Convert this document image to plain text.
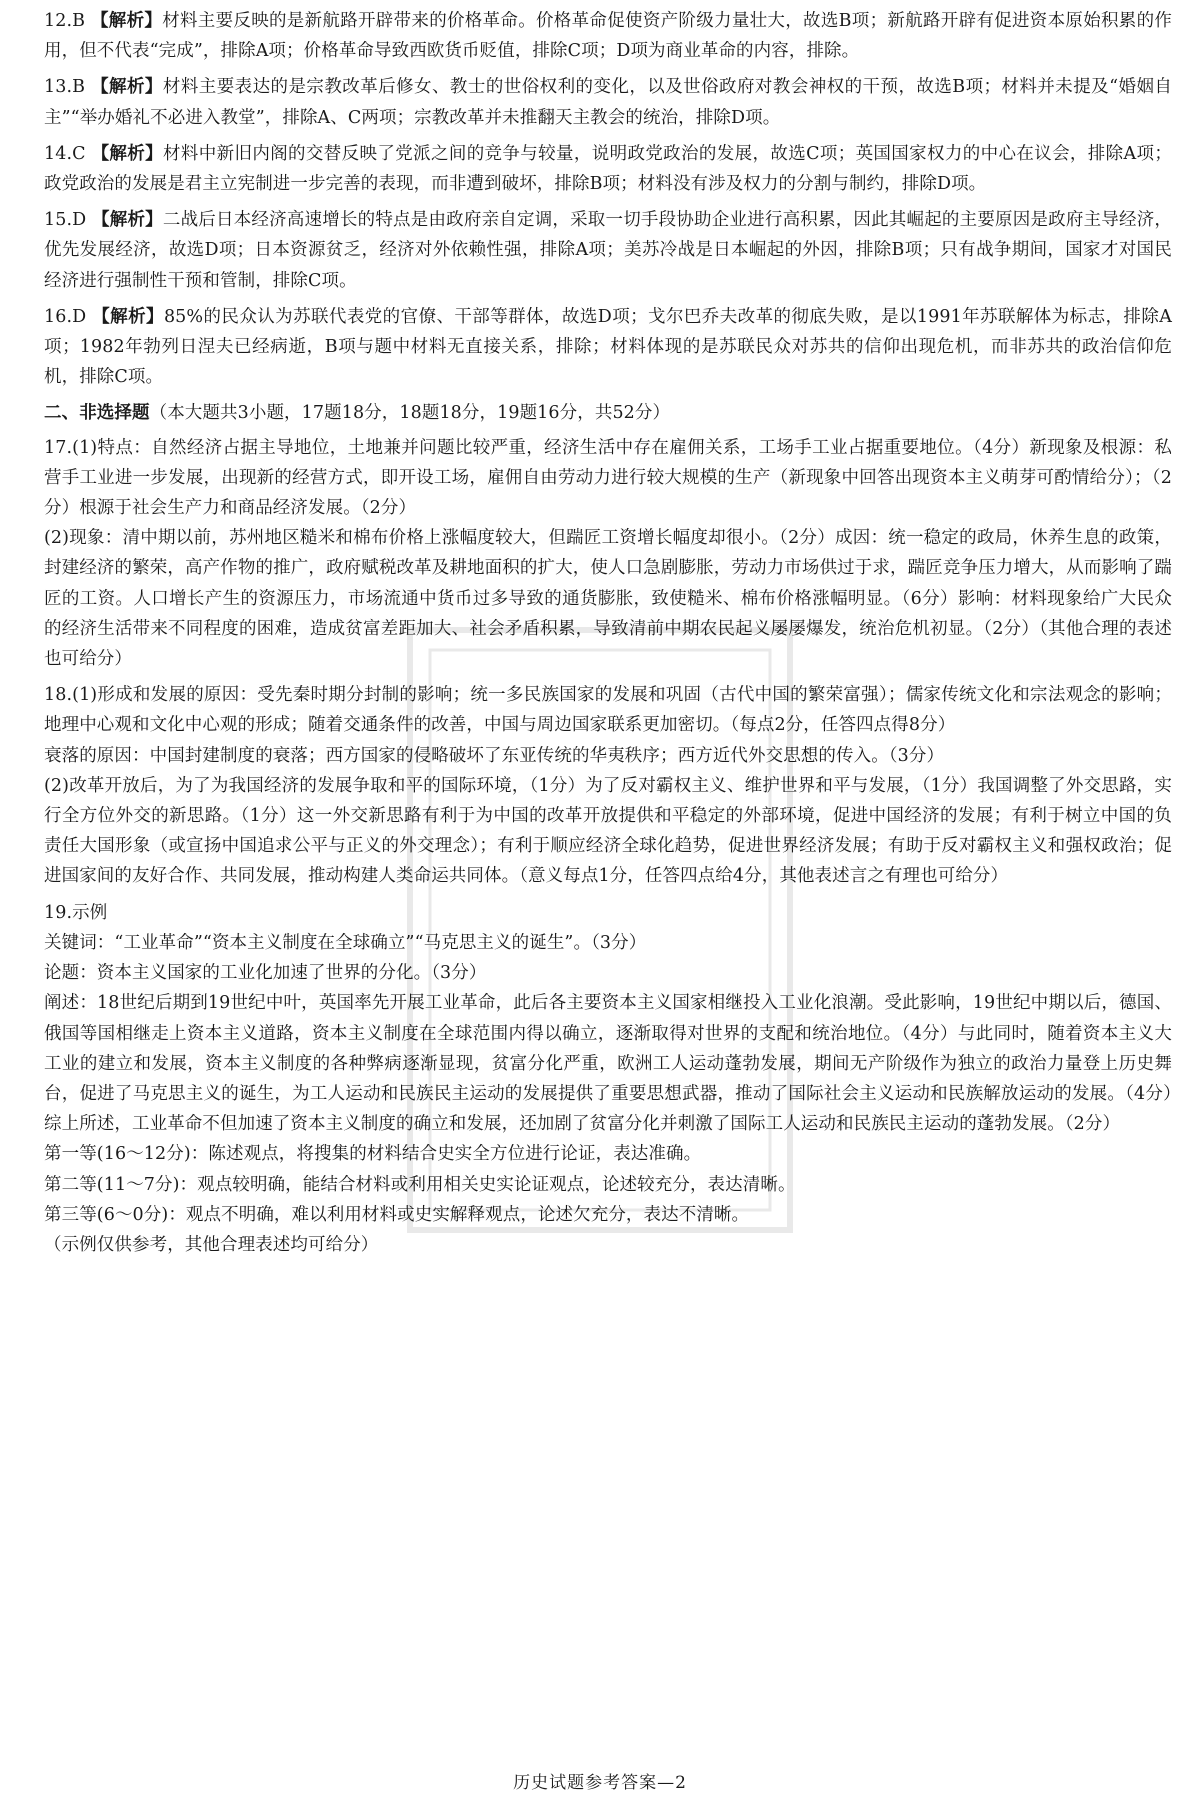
12.B 【解析】材料主要反映的是新航路开辟带来的价格革命。价格革命促使资产阶级力量壮大，故选B项；新航路开辟有促进资本原始积累的作用，但不代表“完成”，排除A项；价格革命导致西欧货币贬值，排除C项；D项为商业革命的内容，排除。
13.B 【解析】材料主要表达的是宗教改革后修女、教士的世俗权利的变化，以及世俗政府对教会神权的干预，故选B项；材料并未提及“婚姻自主”“举办婚礼不必进入教堂”，排除A、C两项；宗教改革并未推翻天主教会的统治，排除D项。
14.C 【解析】材料中新旧内阁的交替反映了党派之间的竞争与较量，说明政党政治的发展，故选C项；英国国家权力的中心在议会，排除A项；政党政治的发展是君主立宪制进一步完善的表现，而非遭到破坏，排除B项；材料没有涉及权力的分割与制约，排除D项。
15.D 【解析】二战后日本经济高速增长的特点是由政府亲自定调，采取一切手段协助企业进行高积累，因此其崛起的主要原因是政府主导经济，优先发展经济，故选D项；日本资源贫乏，经济对外依赖性强，排除A项；美苏冷战是日本崛起的外因，排除B项；只有战争期间，国家才对国民经济进行强制性干预和管制，排除C项。
16.D 【解析】85%的民众认为苏联代表党的官僚、干部等群体，故选D项；戈尔巴乔夫改革的彻底失败，是以1991年苏联解体为标志，排除A项；1982年勃列日涅夫已经病逝，B项与题中材料无直接关系，排除；材料体现的是苏联民众对苏共的信仰出现危机，而非苏共的政治信仰危机，排除C项。
二、非选择题（本大题共3小题，17题18分，18题18分，19题16分，共52分）

17.(1)特点：自然经济占据主导地位，土地兼并问题比较严重，经济生活中存在雇佣关系，工场手工业占据重要地位。（4分）新现象及根源：私营手工业进一步发展，出现新的经营方式，即开设工场，雇佣自由劳动力进行较大规模的生产（新现象中回答出现资本主义萌芽可酌情给分）；（2分）根源于社会生产力和商品经济发展。（2分）

(2)现象：清中期以前，苏州地区糙米和棉布价格上涨幅度较大，但踹匠工资增长幅度却很小。（2分）成因：统一稳定的政局，休养生息的政策，封建经济的繁荣，高产作物的推广，政府赋税改革及耕地面积的扩大，使人口急剧膨胀，劳动力市场供过于求，踹匠竞争压力增大，从而影响了踹匠的工资。人口增长产生的资源压力，市场流通中货币过多导致的通货膨胀，致使糙米、棉布价格涨幅明显。（6分）影响：材料现象给广大民众的经济生活带来不同程度的困难，造成贫富差距加大、社会矛盾积累，导致清前中期农民起义屡屡爆发，统治危机初显。（2分）（其他合理的表述也可给分）

18.(1)形成和发展的原因：受先秦时期分封制的影响；统一多民族国家的发展和巩固（古代中国的繁荣富强）；儒家传统文化和宗法观念的影响；地理中心观和文化中心观的形成；随着交通条件的改善，中国与周边国家联系更加密切。（每点2分，任答四点得8分）

衰落的原因：中国封建制度的衰落；西方国家的侵略破坏了东亚传统的华夷秩序；西方近代外交思想的传入。（3分）

(2)改革开放后，为了为我国经济的发展争取和平的国际环境，（1分）为了反对霸权主义、维护世界和平与发展，（1分）我国调整了外交思路，实行全方位外交的新思路。（1分）这一外交新思路有利于为中国的改革开放提供和平稳定的外部环境，促进中国经济的发展；有利于树立中国的负责任大国形象（或宣扬中国追求公平与正义的外交理念）；有利于顺应经济全球化趋势，促进世界经济发展；有助于反对霸权主义和强权政治；促进国家间的友好合作、共同发展，推动构建人类命运共同体。（意义每点1分，任答四点给4分，其他表述言之有理也可给分）

19.示例

关键词：“工业革命”“资本主义制度在全球确立”“马克思主义的诞生”。（3分）

论题：资本主义国家的工业化加速了世界的分化。（3分）

阐述：18世纪后期到19世纪中叶，英国率先开展工业革命，此后各主要资本主义国家相继投入工业化浪潮。受此影响，19世纪中期以后，德国、俄国等国相继走上资本主义道路，资本主义制度在全球范围内得以确立，逐渐取得对世界的支配和统治地位。（4分）与此同时，随着资本主义大工业的建立和发展，资本主义制度的各种弊病逐渐显现，贫富分化严重，欧洲工人运动蓬勃发展，期间无产阶级作为独立的政治力量登上历史舞台，促进了马克思主义的诞生，为工人运动和民族民主运动的发展提供了重要思想武器，推动了国际社会主义运动和民族解放运动的发展。（4分）综上所述，工业革命不但加速了资本主义制度的确立和发展，还加剧了贫富分化并刺激了国际工人运动和民族民主运动的蓬勃发展。（2分）

第一等(16～12分)：陈述观点，将搜集的材料结合史实全方位进行论证，表达准确。

第二等(11～7分)：观点较明确，能结合材料或利用相关史实论证观点，论述较充分，表达清晰。

第三等(6～0分)：观点不明确，难以利用材料或史实解释观点，论述欠充分，表达不清晰。

（示例仅供参考，其他合理表述均可给分）

历史试题参考答案—2
